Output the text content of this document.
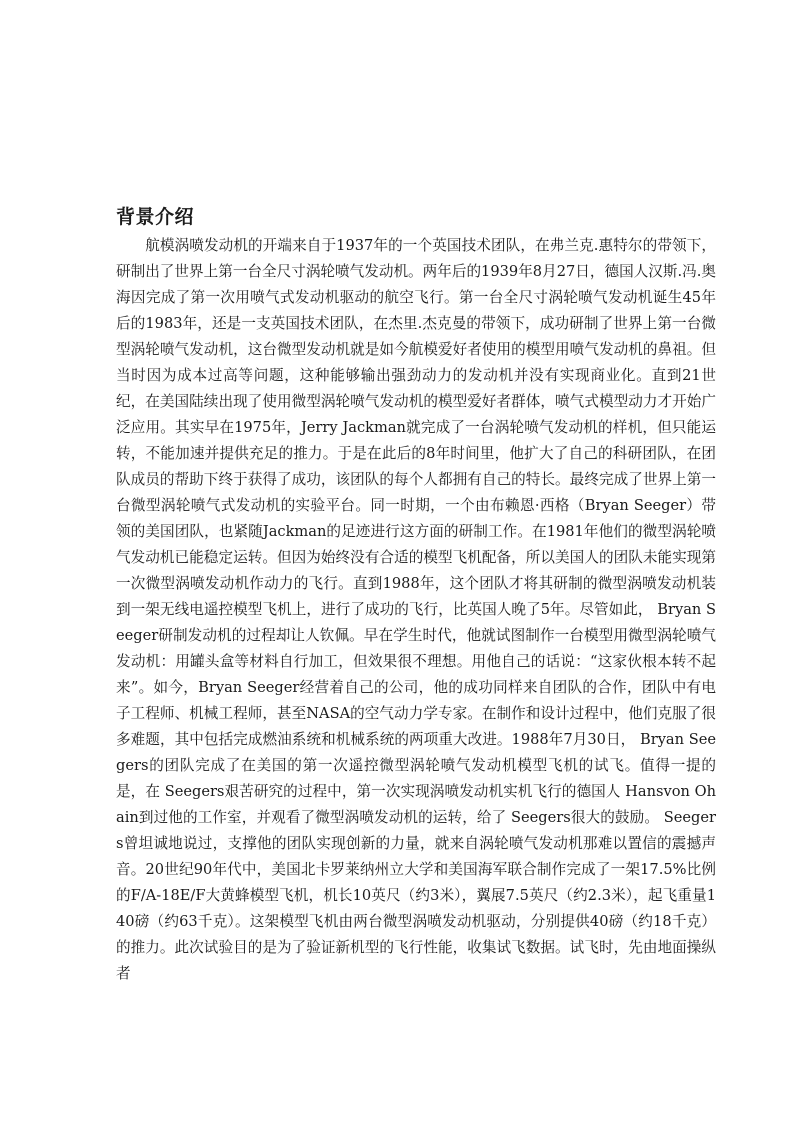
背景介绍

航模涡喷发动机的开端来自于1937年的一个英国技术团队，在弗兰克.惠特尔的带领下，研制出了世界上第一台全尺寸涡轮喷气发动机。两年后的1939年8月27日，德国人汉斯.冯.奥海因完成了第一次用喷气式发动机驱动的航空飞行。第一台全尺寸涡轮喷气发动机诞生45年后的1983年，还是一支英国技术团队，在杰里.杰克曼的带领下，成功研制了世界上第一台微型涡轮喷气发动机，这台微型发动机就是如今航模爱好者使用的模型用喷气发动机的鼻祖。但当时因为成本过高等问题，这种能够输出强劲动力的发动机并没有实现商业化。直到21世纪，在美国陆续出现了使用微型涡轮喷气发动机的模型爱好者群体，喷气式模型动力才开始广泛应用。其实早在1975年，Jerry Jackman就完成了一台涡轮喷气发动机的样机，但只能运转，不能加速并提供充足的推力。于是在此后的8年时间里，他扩大了自己的科研团队，在团队成员的帮助下终于获得了成功，该团队的每个人都拥有自己的特长。最终完成了世界上第一台微型涡轮喷气式发动机的实验平台。同一时期，一个由布赖恩·西格（Bryan Seeger）带领的美国团队，也紧随Jackman的足迹进行这方面的研制工作。在1981年他们的微型涡轮喷气发动机已能稳定运转。但因为始终没有合适的模型飞机配备，所以美国人的团队未能实现第一次微型涡喷发动机作动力的飞行。直到1988年，这个团队才将其研制的微型涡喷发动机装到一架无线电遥控模型飞机上，进行了成功的飞行，比英国人晚了5年。尽管如此， Bryan Seeger研制发动机的过程却让人钦佩。早在学生时代，他就试图制作一台模型用微型涡轮喷气发动机：用罐头盒等材料自行加工，但效果很不理想。用他自己的话说：“这家伙根本转不起来”。如今，Bryan Seeger经营着自己的公司，他的成功同样来自团队的合作，团队中有电子工程师、机械工程师，甚至NASA的空气动力学专家。在制作和设计过程中，他们克服了很多难题，其中包括完成燃油系统和机械系统的两项重大改进。1988年7月30日， Bryan Seegers的团队完成了在美国的第一次遥控微型涡轮喷气发动机模型飞机的试飞。值得一提的是，在 Seegers艰苦研究的过程中，第一次实现涡喷发动机实机飞行的德国人 Hansvon Ohain到过他的工作室，并观看了微型涡喷发动机的运转，给了 Seegers很大的鼓励。 Seegers曾坦诚地说过，支撑他的团队实现创新的力量，就来自涡轮喷气发动机那难以置信的震撼声音。20世纪90年代中，美国北卡罗莱纳州立大学和美国海军联合制作完成了一架17.5%比例的F/A-18E/F大黄蜂模型飞机，机长10英尺（约3米），翼展7.5英尺（约2.3米），起飞重量140磅（约63千克）。这架模型飞机由两台微型涡喷发动机驱动，分别提供40磅（约18千克）的推力。此次试验目的是为了验证新机型的飞行性能，收集试飞数据。试飞时，先由地面操纵者
